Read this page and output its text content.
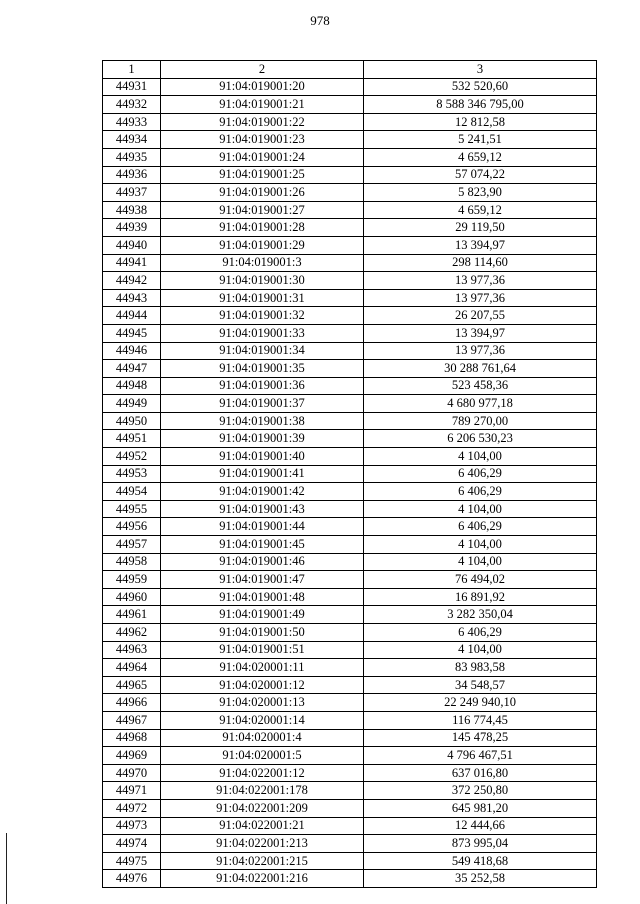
978
1	2	3
44931	91:04:019001:20	532 520,60
44932	91:04:019001:21	8 588 346 795,00
44933	91:04:019001:22	12 812,58
44934	91:04:019001:23	5 241,51
44935	91:04:019001:24	4 659,12
44936	91:04:019001:25	57 074,22
44937	91:04:019001:26	5 823,90
44938	91:04:019001:27	4 659,12
44939	91:04:019001:28	29 119,50
44940	91:04:019001:29	13 394,97
44941	91:04:019001:3	298 114,60
44942	91:04:019001:30	13 977,36
44943	91:04:019001:31	13 977,36
44944	91:04:019001:32	26 207,55
44945	91:04:019001:33	13 394,97
44946	91:04:019001:34	13 977,36
44947	91:04:019001:35	30 288 761,64
44948	91:04:019001:36	523 458,36
44949	91:04:019001:37	4 680 977,18
44950	91:04:019001:38	789 270,00
44951	91:04:019001:39	6 206 530,23
44952	91:04:019001:40	4 104,00
44953	91:04:019001:41	6 406,29
44954	91:04:019001:42	6 406,29
44955	91:04:019001:43	4 104,00
44956	91:04:019001:44	6 406,29
44957	91:04:019001:45	4 104,00
44958	91:04:019001:46	4 104,00
44959	91:04:019001:47	76 494,02
44960	91:04:019001:48	16 891,92
44961	91:04:019001:49	3 282 350,04
44962	91:04:019001:50	6 406,29
44963	91:04:019001:51	4 104,00
44964	91:04:020001:11	83 983,58
44965	91:04:020001:12	34 548,57
44966	91:04:020001:13	22 249 940,10
44967	91:04:020001:14	116 774,45
44968	91:04:020001:4	145 478,25
44969	91:04:020001:5	4 796 467,51
44970	91:04:022001:12	637 016,80
44971	91:04:022001:178	372 250,80
44972	91:04:022001:209	645 981,20
44973	91:04:022001:21	12 444,66
44974	91:04:022001:213	873 995,04
44975	91:04:022001:215	549 418,68
44976	91:04:022001:216	35 252,58
